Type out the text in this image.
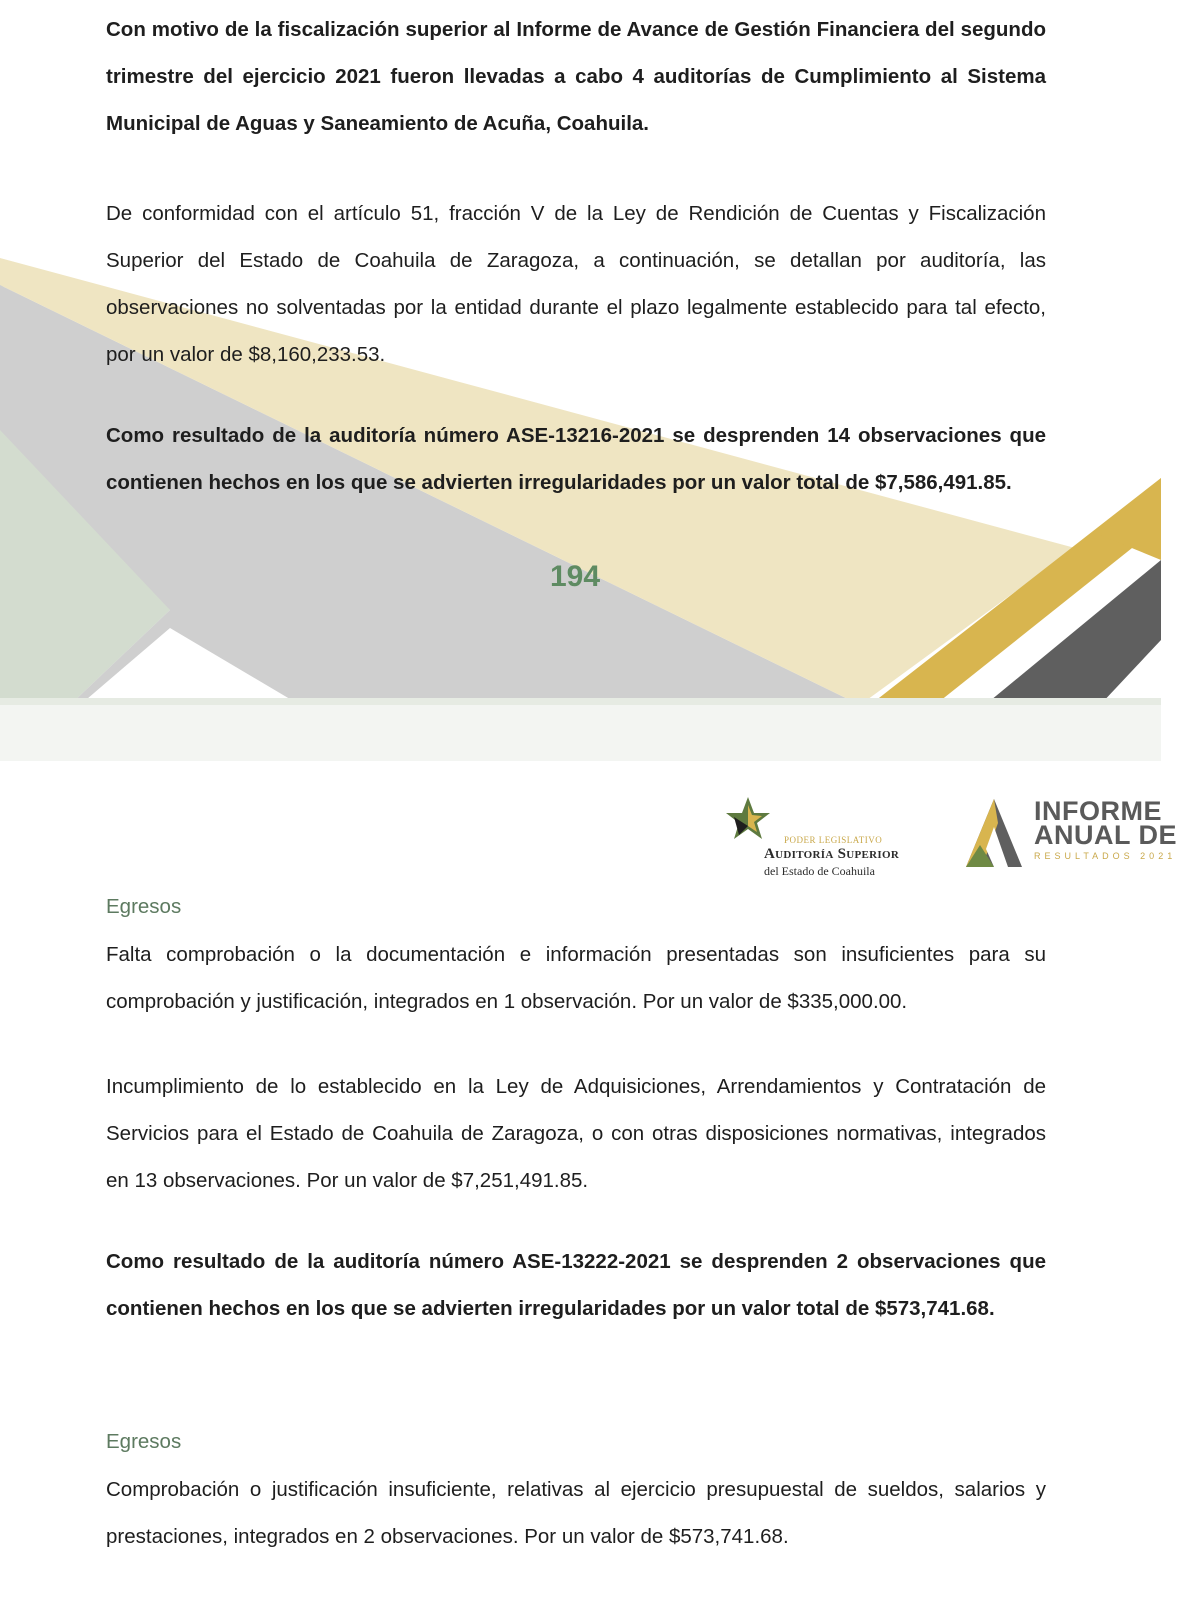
Con motivo de la fiscalización superior al Informe de Avance de Gestión Financiera del segundo trimestre del ejercicio 2021 fueron llevadas a cabo 4 auditorías de Cumplimiento al Sistema Municipal de Aguas y Saneamiento de Acuña, Coahuila.

De conformidad con el artículo 51, fracción V de la Ley de Rendición de Cuentas y Fiscalización Superior del Estado de Coahuila de Zaragoza, a continuación, se detallan por auditoría, las observaciones no solventadas por la entidad durante el plazo legalmente establecido para tal efecto, por un valor de $8,160,233.53.

Como resultado de la auditoría número ASE-13216-2021 se desprenden 14 observaciones que contienen hechos en los que se advierten irregularidades por un valor total de $7,586,491.85.

194
PODER LEGISLATIVO
Auditoría Superior
del Estado de Coahuila
INFORME
ANUAL DE
RESULTADOS 2021
Egresos

Falta comprobación o la documentación e información presentadas son insuficientes para su comprobación y justificación, integrados en 1 observación. Por un valor de $335,000.00.

Incumplimiento de lo establecido en la Ley de Adquisiciones, Arrendamientos y Contratación de Servicios para el Estado de Coahuila de Zaragoza, o con otras disposiciones normativas, integrados en 13 observaciones. Por un valor de $7,251,491.85.

Como resultado de la auditoría número ASE-13222-2021 se desprenden 2 observaciones que contienen hechos en los que se advierten irregularidades por un valor total de $573,741.68.

Egresos

Comprobación o justificación insuficiente, relativas al ejercicio presupuestal de sueldos, salarios y prestaciones, integrados en 2 observaciones. Por un valor de $573,741.68.
